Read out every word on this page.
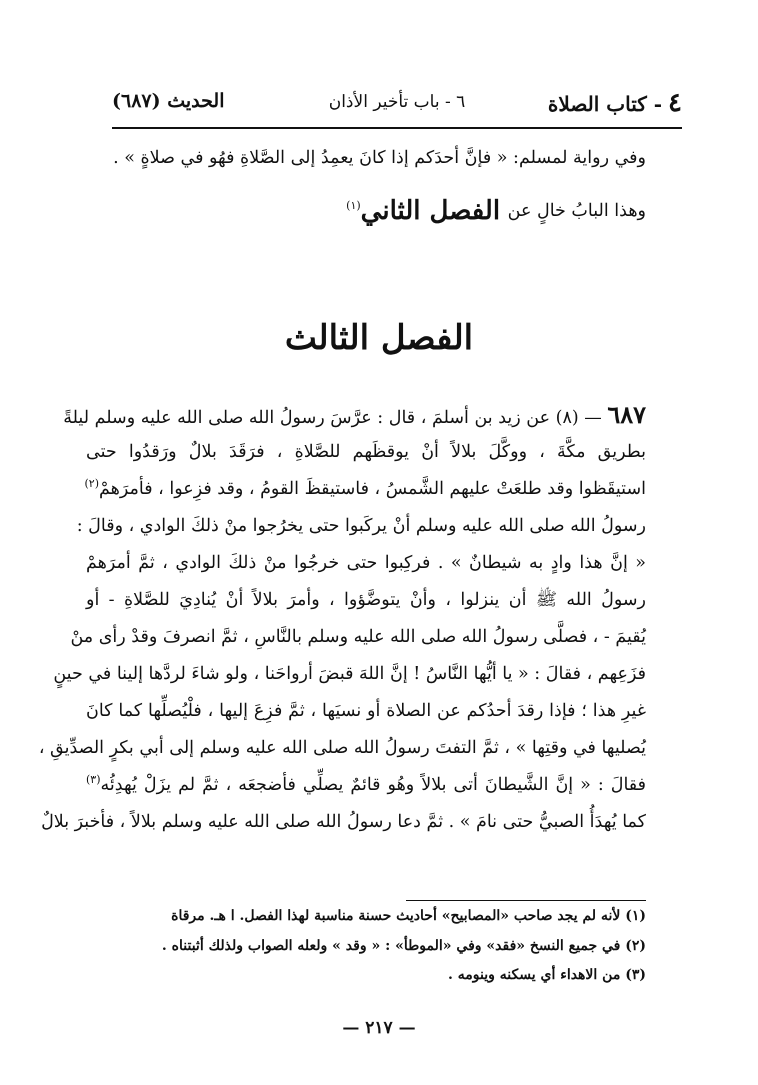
٤- كتاب الصلاة
٦ - باب تأخير الأذان
الحديث (٦٨٧)
وفي رواية لمسلم: « فإنَّ أحدَكم إذا كانَ يعمِدُ إلى الصَّلاةِ فهُو في صلاةٍ » .
وهذا البابُ خالٍ عن الفصل الثاني$^{(١)}$
الفصل الثالث
٦٨٧ — (٨) عن زيد بن أسلمَ ، قال : عرَّسَ رسولُ الله صلى الله عليه وسلم ليلةً
بطريق مكَّةَ ، ووكَّلَ بلالاً أنْ يوقظَهم للصَّلاةِ ، فرَقَدَ بلالٌ ورَقدُوا حتى
استيقَظوا وقد طلعَتْ عليهم الشَّمسُ ، فاستيقظَ القومُ ، وقد فزِعوا ، فأمرَهمْ$^{(٢)}$
رسولُ الله صلى الله عليه وسلم أنْ يركَبوا حتى يخرُجوا منْ ذلكَ الوادي ، وقالَ :
« إنَّ هذا وادٍ به شيطانٌ » . فركِبوا حتى خرجُوا منْ ذلكَ الوادي ، ثمَّ أمرَهمْ
رسولُ الله ﷺ أن ينزلوا ، وأنْ يتوضَّؤوا ، وأمرَ بلالاً أنْ يُنادِيَ للصَّلاةِ - أو
يُقيمَ - ، فصلَّى رسولُ الله صلى الله عليه وسلم بالنَّاسِ ، ثمَّ انصرفَ وقدْ رأى منْ
فزَعِهم ، فقالَ : « يا أيُّها النَّاسُ ! إنَّ اللهَ قبضَ أرواحَنا ، ولو شاءَ لردَّها إلينا في حينٍ
غيرِ هذا ؛ فإذا رقدَ أحدُكم عن الصلاة أو نسيَها ، ثمَّ فزِعَ إليها ، فلْيُصلِّها كما كانَ
يُصليها في وقتِها » ، ثمَّ التفتَ رسولُ الله صلى الله عليه وسلم إلى أبي بكرٍ الصدِّيقِ ،
فقالَ : « إنَّ الشَّيطانَ أتى بلالاً وهُو قائمٌ يصلِّي فأضجعَه ، ثمَّ لم يزَلْ يُهدِئُه$^{(٣)}$
كما يُهدَأُ الصبيُّ حتى نامَ » . ثمَّ دعا رسولُ الله صلى الله عليه وسلم بلالاً ، فأخبرَ بلالٌ
(١) لأنه لم يجد صاحب «المصابيح» أحاديث حسنة مناسبة لهذا الفصل. ا هـ. مرقاة
(٢) في جميع النسخ «فقد» وفي «الموطأ» : « وقد » ولعله الصواب ولذلك أثبتناه .
(٣) من الاهداء أي يسكنه وينومه .
— ٢١٧ —
